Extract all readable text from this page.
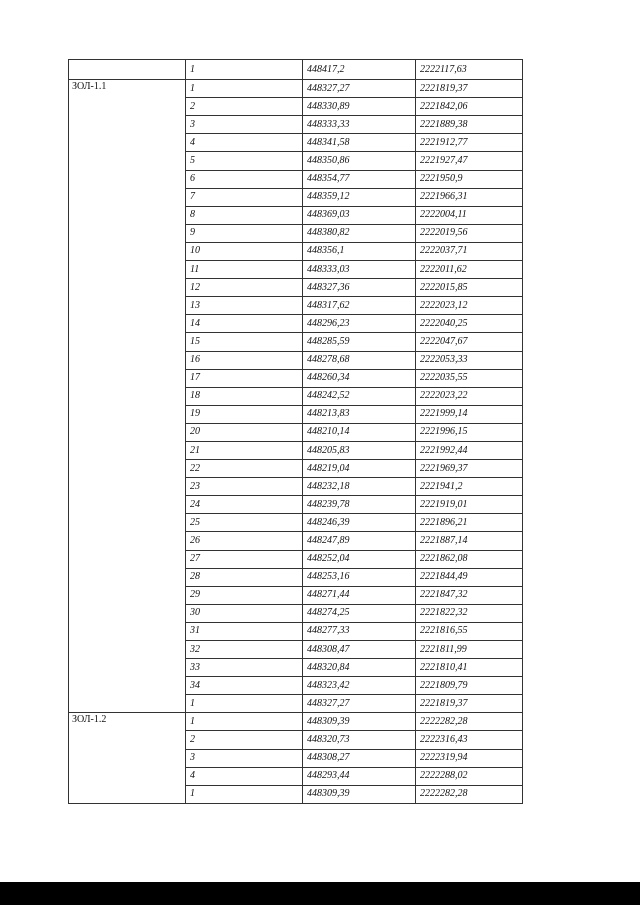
	1	448417,2	2222117,63
ЗОЛ-1.1	1	448327,27	2221819,37
	2	448330,89	2221842,06
	3	448333,33	2221889,38
	4	448341,58	2221912,77
	5	448350,86	2221927,47
	6	448354,77	2221950,9
	7	448359,12	2221966,31
	8	448369,03	2222004,11
	9	448380,82	2222019,56
	10	448356,1	2222037,71
	11	448333,03	2222011,62
	12	448327,36	2222015,85
	13	448317,62	2222023,12
	14	448296,23	2222040,25
	15	448285,59	2222047,67
	16	448278,68	2222053,33
	17	448260,34	2222035,55
	18	448242,52	2222023,22
	19	448213,83	2221999,14
	20	448210,14	2221996,15
	21	448205,83	2221992,44
	22	448219,04	2221969,37
	23	448232,18	2221941,2
	24	448239,78	2221919,01
	25	448246,39	2221896,21
	26	448247,89	2221887,14
	27	448252,04	2221862,08
	28	448253,16	2221844,49
	29	448271,44	2221847,32
	30	448274,25	2221822,32
	31	448277,33	2221816,55
	32	448308,47	2221811,99
	33	448320,84	2221810,41
	34	448323,42	2221809,79
	1	448327,27	2221819,37
ЗОЛ-1.2	1	448309,39	2222282,28
	2	448320,73	2222316,43
	3	448308,27	2222319,94
	4	448293,44	2222288,02
	1	448309,39	2222282,28
